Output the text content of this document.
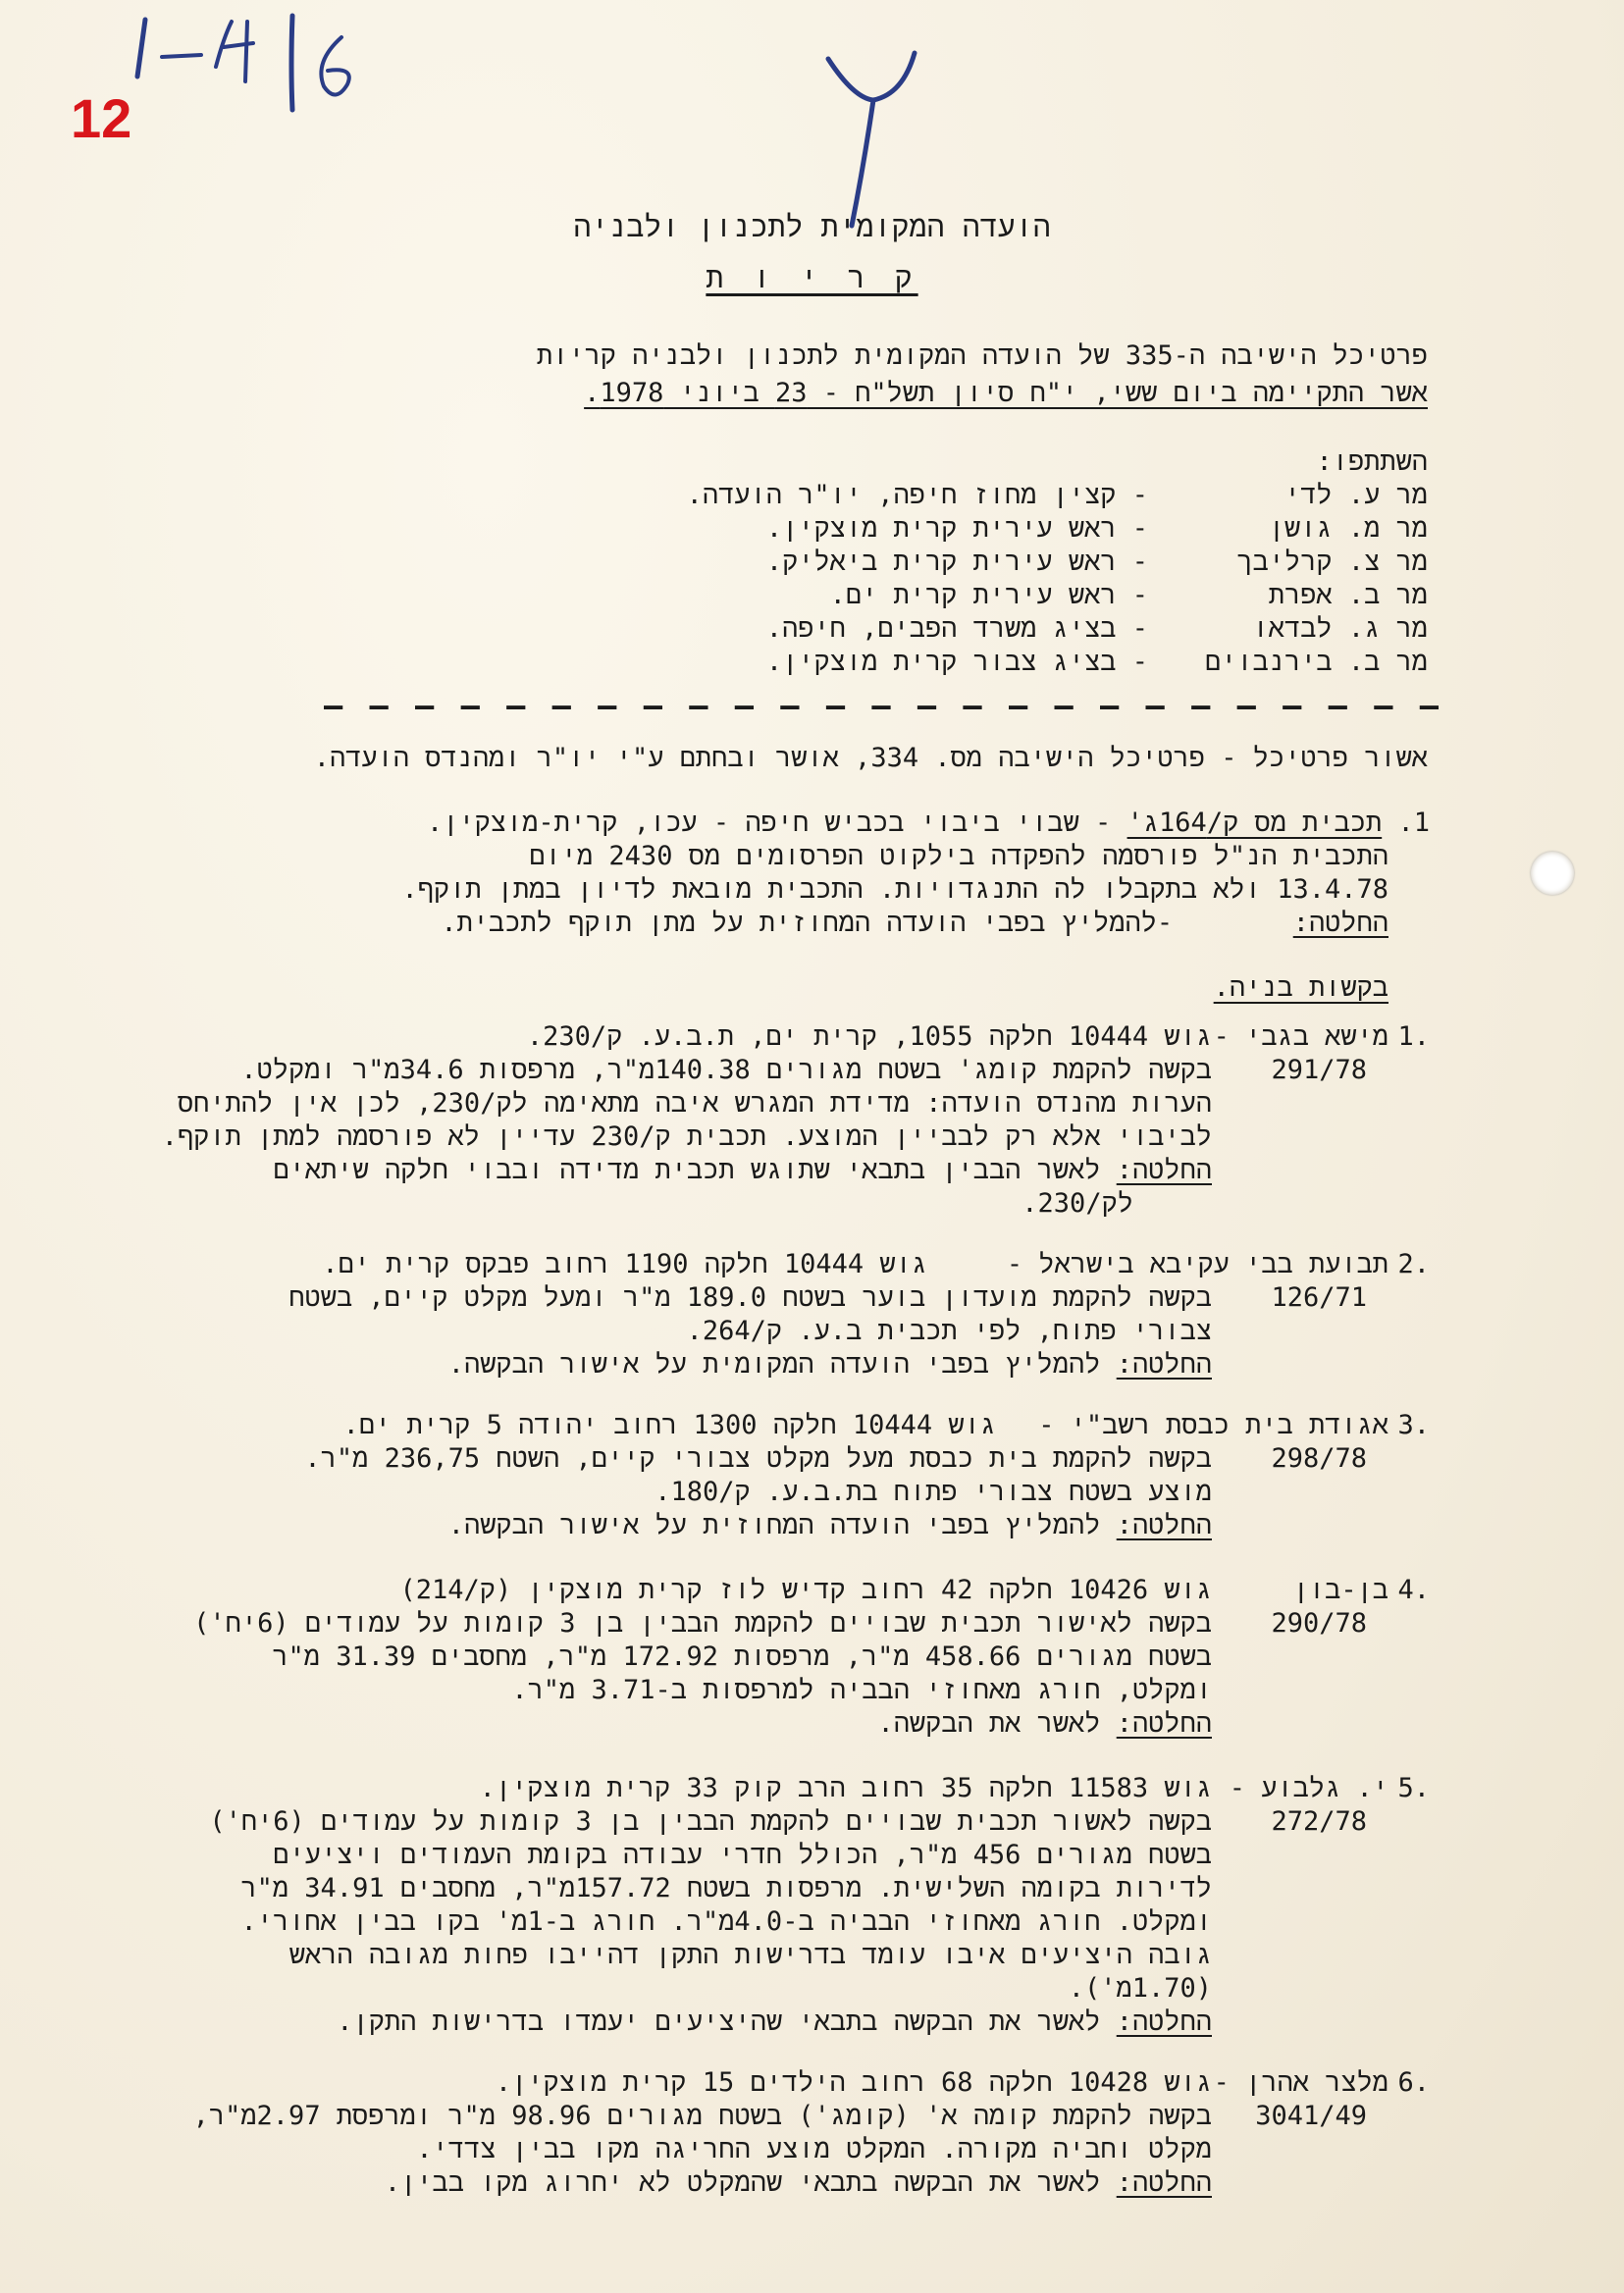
12
הועדה המקומית לתכנון ולבניה
ק ר י ו ת
פרטיכל הישיבה ה-335 של הועדה המקומית לתכנון ולבניה קריות
אשר התקיימה ביום ששי, י"ח סיון תשל"ח - 23 ביוני 1978.
השתתפו:
מר ע. לדי
- קצין מחוז חיפה, יו"ר הועדה.
מר מ. גושן
- ראש עירית קרית מוצקין.
מר צ. קרליבך
- ראש עירית קרית ביאליק.
מר ב. אפרת
- ראש עירית קרית ים.
מר ג. לבדאו
- בציג משרד הפבים, חיפה.
מר ב. בירנבוים
- בציג צבור קרית מוצקין.
— — — — — — — — — — — — — — — — — — — — — — — — —
אשור פרטיכל - פרטיכל הישיבה מס. 334, אושר ובחתם ע"י יו"ר ומהנדס הועדה.
1. תכבית מס ק/164ג' - שבוי ביבוי בכביש חיפה - עכו, קרית-מוצקין.
התכבית הנ"ל פורסמה להפקדה בילקוט הפרסומים מס 2430 מיום
13.4.78 ולא בתקבלו לה התנגדויות. התכבית מובאת לדיון במתן תוקף.
החלטה:  -להמליץ בפבי הועדה המחוזית על מתן תוקף לתכבית.
בקשות בניה.
1.
מישא בגבי -
291/78
גוש 10444 חלקה 1055, קרית ים, ת.ב.ע. ק/230.
בקשה להקמת קומג' בשטח מגורים 140.38מ"ר, מרפסות 34.6מ"ר ומקלט.
הערות מהנדס הועדה: מדידת המגרש איבה מתאימה לק/230, לכן אין להתיחס
לביבוי אלא רק לבביין המוצע. תכבית ק/230 עדיין לא פורסמה למתן תוקף.
החלטה: לאשר הבבין בתבאי שתוגש תכבית מדידה ובבוי חלקה שיתאים
לק/230.
2.
תבועת בבי עקיבא בישראל -
126/71
גוש 10444 חלקה 1190 רחוב פבקס קרית ים.
בקשה להקמת מועדון בוער בשטח 189.0 מ"ר ומעל מקלט קיים, בשטח
צבורי פתוח, לפי תכבית ב.ע. ק/264.
החלטה: להמליץ בפבי הועדה המקומית על אישור הבקשה.
3.
אגודת בית כבסת רשב"י -
298/78
גוש 10444 חלקה 1300 רחוב יהודה 5 קרית ים.
בקשה להקמת בית כבסת מעל מקלט צבורי קיים, השטח 236,75 מ"ר.
מוצע בשטח צבורי פתוח בת.ב.ע. ק/180.
החלטה: להמליץ בפבי הועדה המחוזית על אישור הבקשה.
4.
בן-בון
290/78
גוש 10426 חלקה 42 רחוב קדיש לוז קרית מוצקין (ק/214)
בקשה לאישור תכבית שבויים להקמת הבבין בן 3 קומות על עמודים (6יח')
בשטח מגורים 458.66 מ"ר, מרפסות 172.92 מ"ר, מחסבים 31.39 מ"ר
ומקלט, חורג מאחוזי הבביה למרפסות ב-3.71 מ"ר.
החלטה: לאשר את הבקשה.
5.
י. גלבוע -
272/78
גוש 11583 חלקה 35 רחוב הרב קוק 33 קרית מוצקין.
בקשה לאשור תכבית שבויים להקמת הבבין בן 3 קומות על עמודים (6יח')
בשטח מגורים 456 מ"ר, הכולל חדרי עבודה בקומת העמודים ויציעים
לדירות בקומה השלישית. מרפסות בשטח 157.72מ"ר, מחסבים 34.91 מ"ר
ומקלט. חורג מאחוזי הבביה ב-4.0מ"ר. חורג ב-1מ' בקו בבין אחורי.
גובה היציעים איבו עומד בדרישות התקן דהייבו פחות מגובה הראש
(1.70מ').
החלטה: לאשר את הבקשה בתבאי שהיציעים יעמדו בדרישות התקן.
6.
מלצר אהרן -
3041/49
גוש 10428 חלקה 68 רחוב הילדים 15 קרית מוצקין.
בקשה להקמת קומה א' (קומג') בשטח מגורים 98.96 מ"ר ומרפסת 2.97מ"ר,
מקלט וחביה מקורה. המקלט מוצע החריגה מקו בבין צדדי.
החלטה: לאשר את הבקשה בתבאי שהמקלט לא יחרוג מקו בבין.
